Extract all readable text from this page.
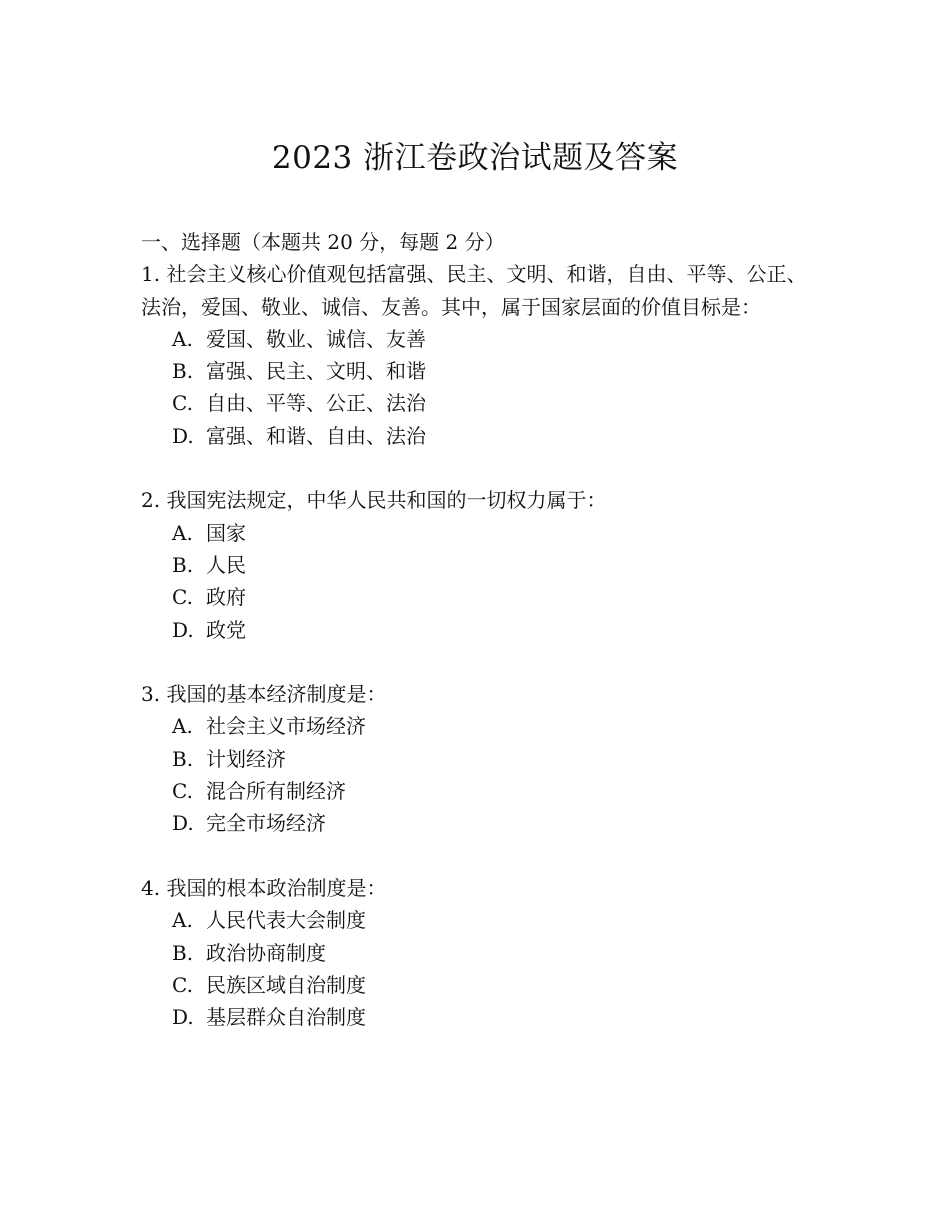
2023 浙江卷政治试题及答案

一、选择题（本题共 20 分，每题 2 分）

1. 社会主义核心价值观包括富强、民主、文明、和谐，自由、平等、公正、法治，爱国、敬业、诚信、友善。其中，属于国家层面的价值目标是：

A. 爱国、敬业、诚信、友善
B. 富强、民主、文明、和谐
C. 自由、平等、公正、法治
D. 富强、和谐、自由、法治

2. 我国宪法规定，中华人民共和国的一切权力属于：

A. 国家
B. 人民
C. 政府
D. 政党

3. 我国的基本经济制度是：

A. 社会主义市场经济
B. 计划经济
C. 混合所有制经济
D. 完全市场经济

4. 我国的根本政治制度是：

A. 人民代表大会制度
B. 政治协商制度
C. 民族区域自治制度
D. 基层群众自治制度
